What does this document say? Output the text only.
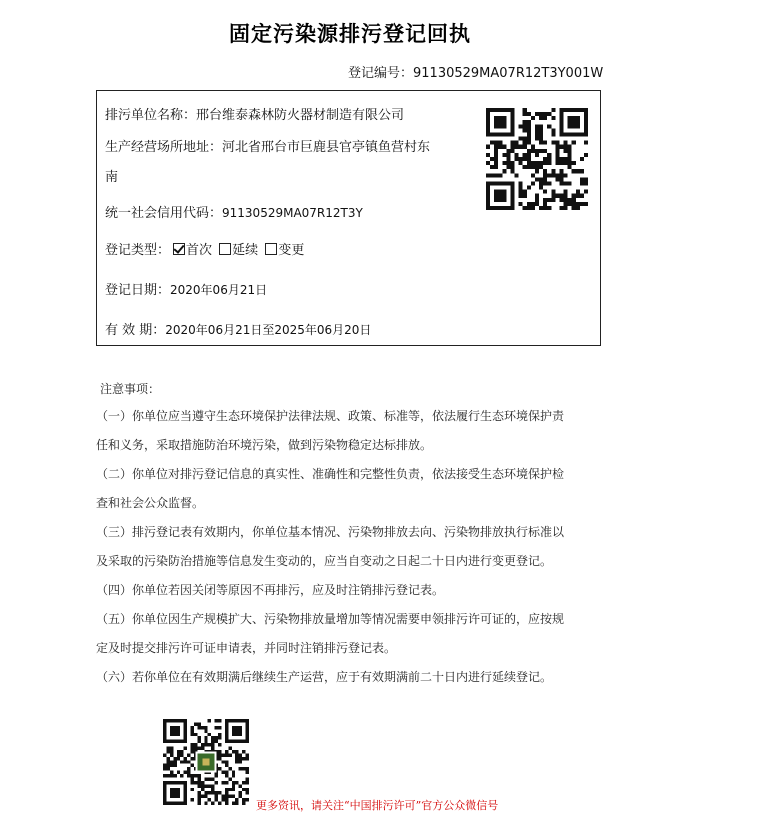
固定污染源排污登记回执
登记编号：91130529MA07R12T3Y001W
排污单位名称：邢台维泰森林防火器材制造有限公司
生产经营场所地址：河北省邢台市巨鹿县官亭镇鱼营村东
南
统一社会信用代码：91130529MA07R12T3Y
登记类型： 首次 延续 变更
登记日期：2020年06月21日
有 效 期：2020年06月21日至2025年06月20日
注意事项：
（一）你单位应当遵守生态环境保护法律法规、政策、标准等，依法履行生态环境保护责
任和义务，采取措施防治环境污染，做到污染物稳定达标排放。
（二）你单位对排污登记信息的真实性、准确性和完整性负责，依法接受生态环境保护检
查和社会公众监督。
（三）排污登记表有效期内，你单位基本情况、污染物排放去向、污染物排放执行标准以
及采取的污染防治措施等信息发生变动的，应当自变动之日起二十日内进行变更登记。
（四）你单位若因关闭等原因不再排污，应及时注销排污登记表。
（五）你单位因生产规模扩大、污染物排放量增加等情况需要申领排污许可证的，应按规
定及时提交排污许可证申请表，并同时注销排污登记表。
（六）若你单位在有效期满后继续生产运营，应于有效期满前二十日内进行延续登记。
更多资讯，请关注“中国排污许可”官方公众微信号
